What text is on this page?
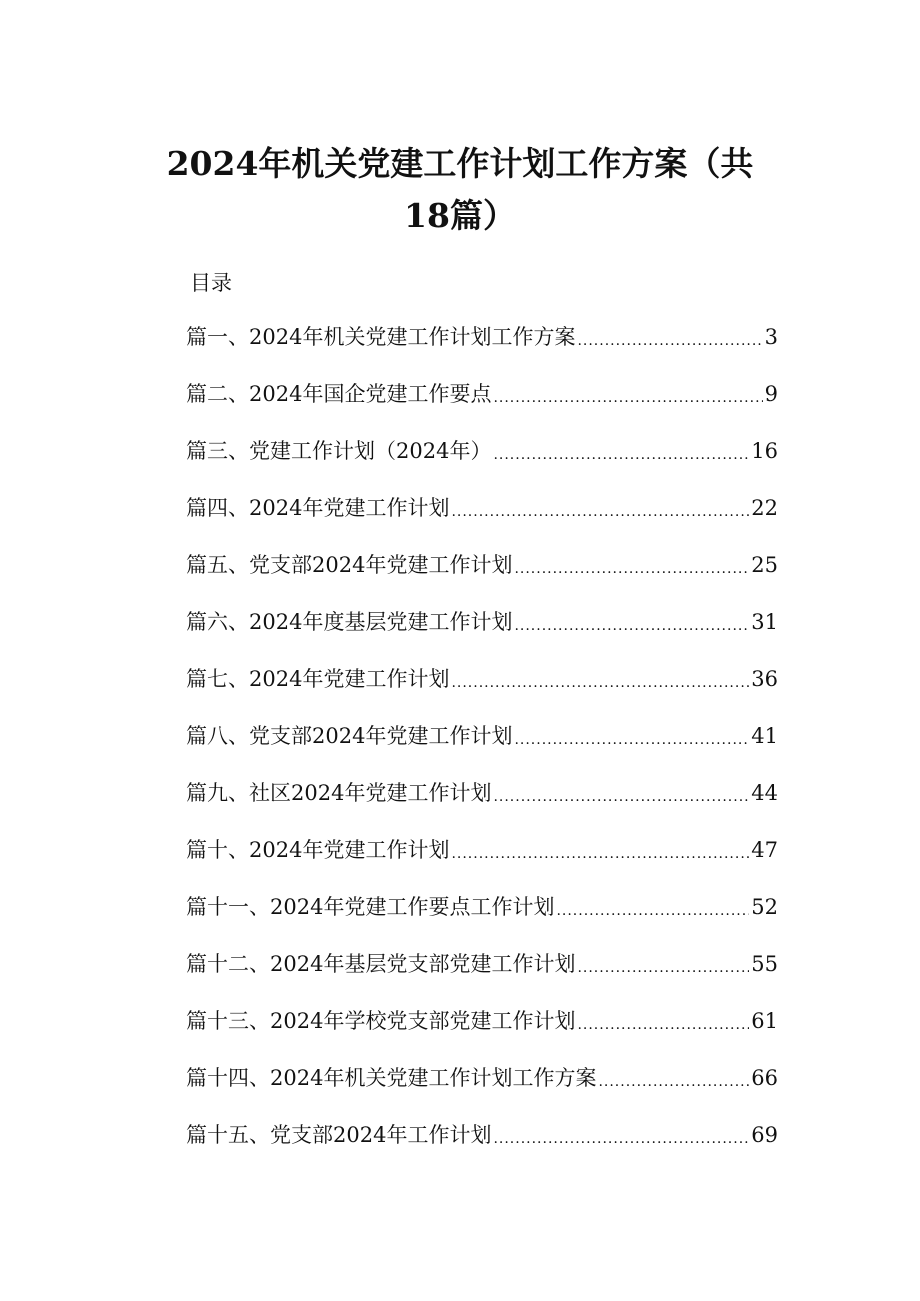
2024年机关党建工作计划工作方案（共18篇）
目录
篇一、2024年机关党建工作计划工作方案 .....	3
篇二、2024年国企党建工作要点 .....	9
篇三、党建工作计划（2024年） .....	16
篇四、2024年党建工作计划 .....	22
篇五、党支部2024年党建工作计划 .....	25
篇六、2024年度基层党建工作计划 .....	31
篇七、2024年党建工作计划 .....	36
篇八、党支部2024年党建工作计划 .....	41
篇九、社区2024年党建工作计划 .....	44
篇十、2024年党建工作计划 .....	47
篇十一、2024年党建工作要点工作计划 .....	52
篇十二、2024年基层党支部党建工作计划 .....	55
篇十三、2024年学校党支部党建工作计划 .....	61
篇十四、2024年机关党建工作计划工作方案 .....	66
篇十五、党支部2024年工作计划 .....	69
